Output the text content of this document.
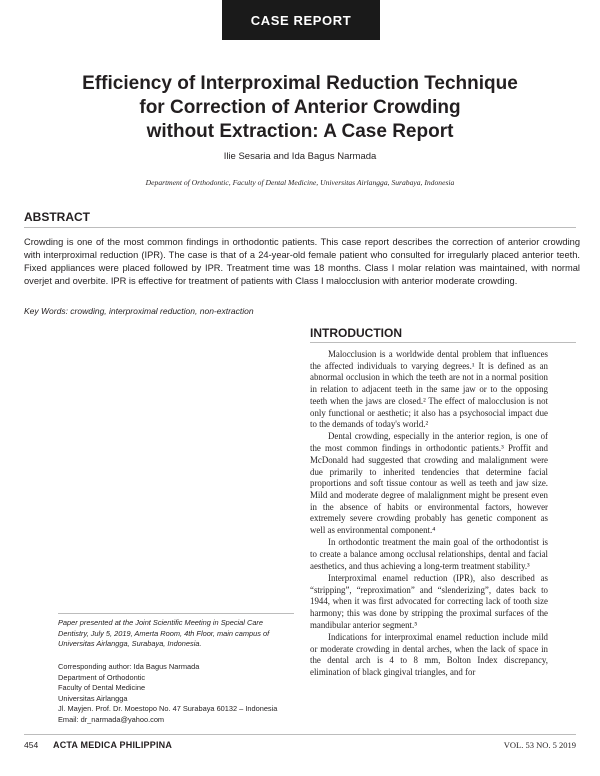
CASE REPORT
Efficiency of Interproximal Reduction Technique
for Correction of Anterior Crowding
without Extraction: A Case Report
Ilie Sesaria and Ida Bagus Narmada
Department of Orthodontic, Faculty of Dental Medicine, Universitas Airlangga, Surabaya, Indonesia
ABSTRACT
Crowding is one of the most common findings in orthodontic patients. This case report describes the correction of anterior crowding with interproximal reduction (IPR). The case is that of a 24-year-old female patient who consulted for irregularly placed anterior teeth. Fixed appliances were placed followed by IPR. Treatment time was 18 months. Class I molar relation was maintained, with normal overjet and overbite. IPR is effective for treatment of patients with Class I malocclusion with anterior moderate crowding.
Key Words: crowding, interproximal reduction, non-extraction
INTRODUCTION

Malocclusion is a worldwide dental problem that influences the affected individuals to varying degrees.¹ It is defined as an abnormal occlusion in which the teeth are not in a normal position in relation to adjacent teeth in the same jaw or to the opposing teeth when the jaws are closed.² The effect of malocclusion is not only functional or aesthetic; it also has a psychosocial impact due to the demands of today's world.²

Dental crowding, especially in the anterior region, is one of the most common findings in orthodontic patients.³ Proffit and McDonald had suggested that crowding and malalignment were due primarily to inherited tendencies that determine facial proportions and soft tissue contour as well as teeth and jaw size. Mild and moderate degree of malalignment might be present even in the absence of habits or environmental factors, however extremely severe crowding probably has genetic component as well as environmental component.⁴

In orthodontic treatment the main goal of the orthodontist is to create a balance among occlusal relationships, dental and facial aesthetics, and thus achieving a long-term treatment stability.³

Interproximal enamel reduction (IPR), also described as “stripping”, “reproximation” and “slenderizing”, dates back to 1944, when it was first advocated for correcting lack of tooth size harmony; this was done by stripping the proximal surfaces of the mandibular anterior segment.⁵

Indications for interproximal enamel reduction include mild or moderate crowding in dental arches, when the lack of space in the dental arch is 4 to 8 mm, Bolton Index discrepancy, elimination of black gingival triangles, and for

Paper presented at the Joint Scientific Meeting in Special Care Dentistry, July 5, 2019, Amerta Room, 4th Floor, main campus of Universitas Airlangga, Surabaya, Indonesia.
Corresponding author: Ida Bagus Narmada
Department of Orthodontic
Faculty of Dental Medicine
Universitas Airlangga
Jl. Mayjen. Prof. Dr. Moestopo No. 47 Surabaya 60132 – Indonesia
Email: dr_narmada@yahoo.com
454 ACTA MEDICA PHILIPPINA	VOL. 53 NO. 5 2019
